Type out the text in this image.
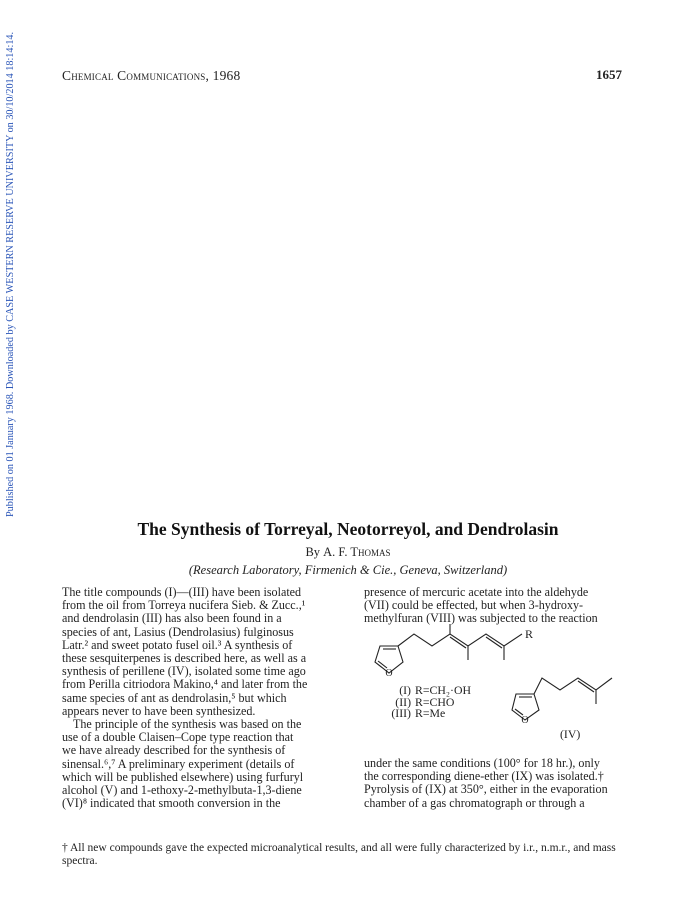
Published on 01 January 1968. Downloaded by CASE WESTERN RESERVE UNIVERSITY on 30/10/2014 18:14:14.	Chemical Communications, 1968	1657
The Synthesis of Torreyal, Neotorreyol, and Dendrolasin
By A. F. Thomas
(Research Laboratory, Firmenich & Cie., Geneva, Switzerland)
The title compounds (I)—(III) have been isolated
from the oil from Torreya nucifera Sieb. & Zucc.,¹
and dendrolasin (III) has also been found in a
species of ant, Lasius (Dendrolasius) fulginosus
Latr.² and sweet potato fusel oil.³ A synthesis of
these sesquiterpenes is described here, as well as a
synthesis of perillene (IV), isolated some time ago
from Perilla citriodora Makino,⁴ and later from the
same species of ant as dendrolasin,⁵ but which
appears never to have been synthesized.
The principle of the synthesis was based on the
use of a double Claisen–Cope type reaction that
we have already described for the synthesis of
sinensal.⁶,⁷ A preliminary experiment (details of
which will be published elsewhere) using furfuryl
alcohol (V) and 1-ethoxy-2-methylbuta-1,3-diene
(VI)⁸ indicated that smooth conversion in the
presence of mercuric acetate into the aldehyde
(VII) could be effected, but when 3-hydroxy-
methylfuran (VIII) was subjected to the reaction
O
R
(I) R=CH₂·OH
(II) R=CHO
(III) R=Me
O
(IV)
under the same conditions (100° for 18 hr.), only
the corresponding diene-ether (IX) was isolated.†
Pyrolysis of (IX) at 350°, either in the evaporation
chamber of a gas chromatograph or through a
† All new compounds gave the expected microanalytical results, and all were fully characterized by i.r., n.m.r., and mass spectra.
